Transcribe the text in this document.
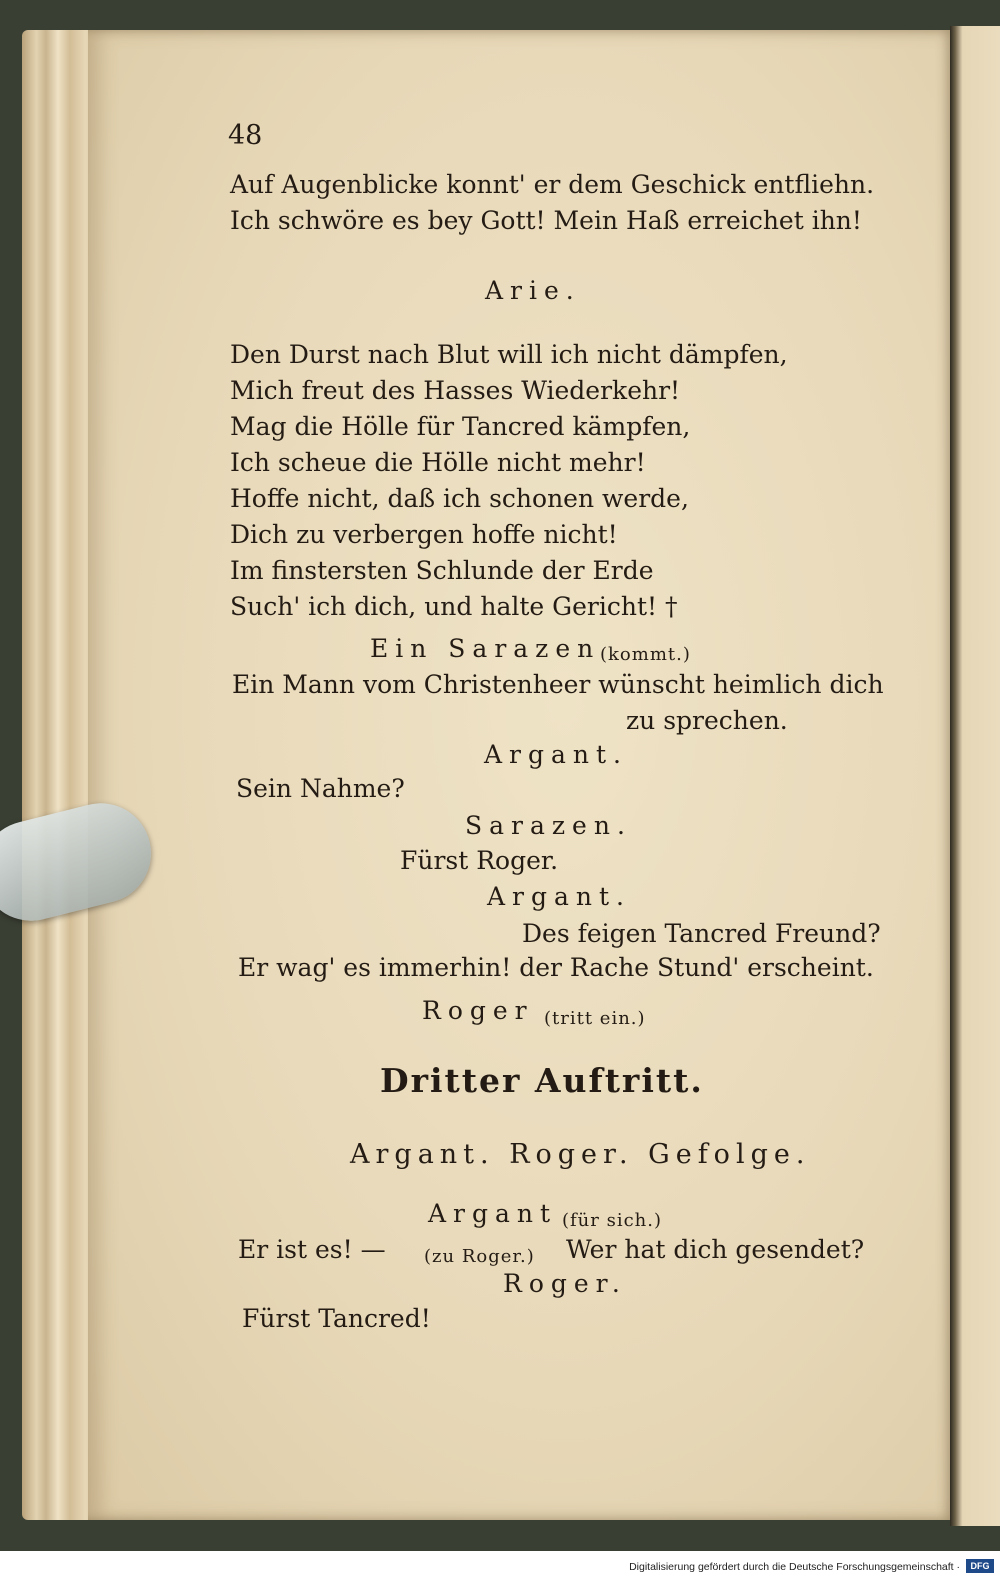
48
Auf Augenblicke konnt' er dem Geschick entfliehn.
Ich schwöre es bey Gott! Mein Haß erreichet ihn!
Arie.
Den Durst nach Blut will ich nicht dämpfen,
Mich freut des Hasses Wiederkehr!
Mag die Hölle für Tancred kämpfen,
Ich scheue die Hölle nicht mehr!
Hoffe nicht, daß ich schonen werde,
Dich zu verbergen hoffe nicht!
Im finstersten Schlunde der Erde
Such' ich dich, und halte Gericht! †
Ein Sarazen (kommt.)
Ein Mann vom Christenheer wünscht heimlich dich
zu sprechen.
Argant.
Sein Nahme?
Sarazen.
Fürst Roger.
Argant.
Des feigen Tancred Freund?
Er wag' es immerhin! der Rache Stund' erscheint.
Roger (tritt ein.)
Dritter Auftritt.
Argant. Roger. Gefolge.
Argant (für sich.)
Er ist es! — (zu Roger.) Wer hat dich gesendet?
Roger.
Fürst Tancred!
Digitalisierung gefördert durch die Deutsche Forschungsgemeinschaft ·	DFG
